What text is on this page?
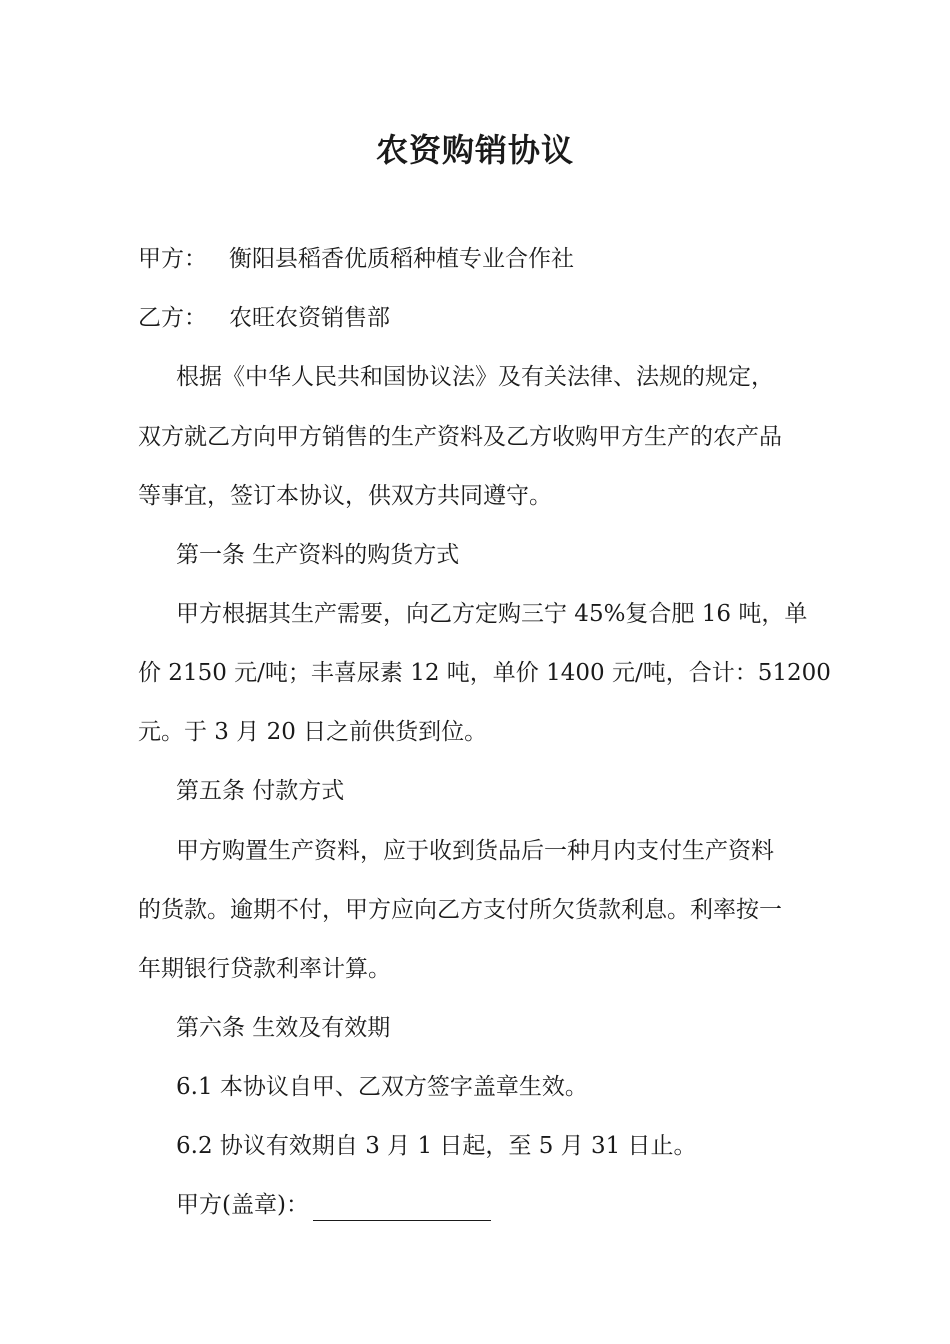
农资购销协议
甲方： 衡阳县稻香优质稻种植专业合作社
乙方： 农旺农资销售部
根据《中华人民共和国协议法》及有关法律、法规的规定，
双方就乙方向甲方销售的生产资料及乙方收购甲方生产的农产品
等事宜，签订本协议，供双方共同遵守。
第一条 生产资料的购货方式
甲方根据其生产需要，向乙方定购三宁 45%复合肥 16 吨，单
价 2150 元/吨；丰喜尿素 12 吨，单价 1400 元/吨，合计：51200
元。于 3 月 20 日之前供货到位。
第五条 付款方式
甲方购置生产资料，应于收到货品后一种月内支付生产资料
的货款。逾期不付，甲方应向乙方支付所欠货款利息。利率按一
年期银行贷款利率计算。
第六条 生效及有效期
6.1 本协议自甲、乙双方签字盖章生效。
6.2 协议有效期自 3 月 1 日起，至 5 月 31 日止。
甲方(盖章)：
